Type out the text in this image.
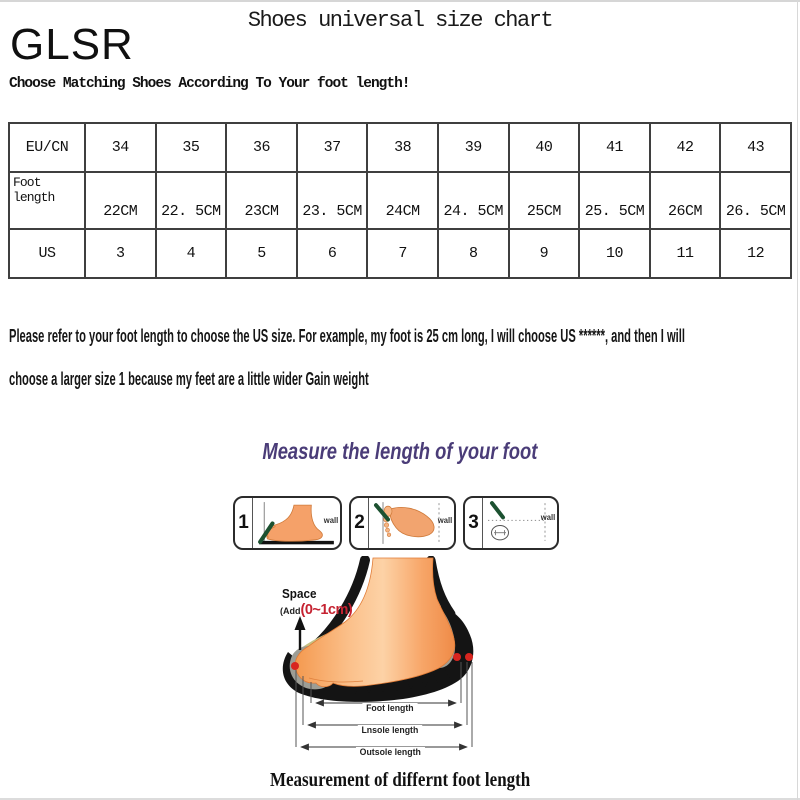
GLSR	Shoes universal size chart
Choose Matching Shoes According To Your foot length!
EU/CN	34	35	36	37	38	39	40	41	42	43
Foot length	22CM	22. 5CM	23CM	23. 5CM	24CM	24. 5CM	25CM	25. 5CM	26CM	26. 5CM
US	3	4	5	6	7	8	9	10	11	12
Please refer to your foot length to choose the US size. For example, my foot is 25 cm long, I will choose US ******, and then I will
choose a larger size 1 because my feet are a little wider Gain weight
Measure the length of your foot
1	wall 2	wall 3	wall
Space
(Add(0~1cm)
Foot length
Lnsole length
Outsole length
Measurement of differnt foot length
